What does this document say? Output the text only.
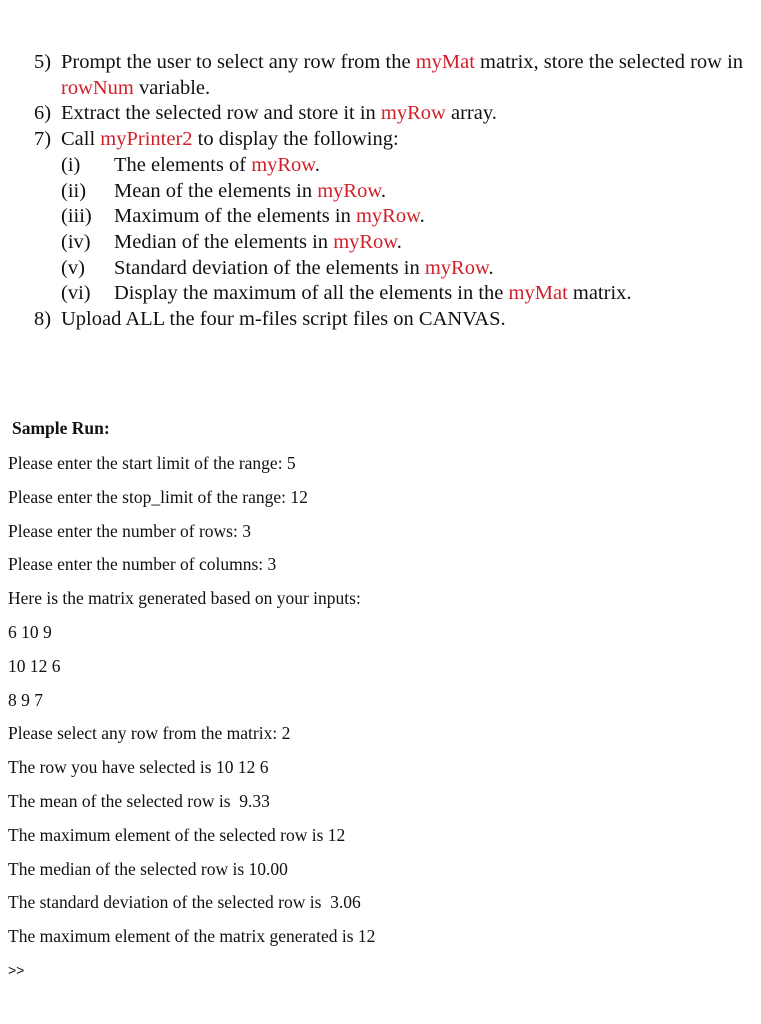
5) Prompt the user to select any row from the myMat matrix, store the selected row in rowNum variable.
6) Extract the selected row and store it in myRow array.
7) Call myPrinter2 to display the following:
(i)	The elements of myRow.
(ii)	Mean of the elements in myRow.
(iii)	Maximum of the elements in myRow.
(iv)	Median of the elements in myRow.
(v)	Standard deviation of the elements in myRow.
(vi)	Display the maximum of all the elements in the myMat matrix.
8) Upload ALL the four m-files script files on CANVAS.
Sample Run:
Please enter the start limit of the range: 5
Please enter the stop_limit of the range: 12
Please enter the number of rows: 3
Please enter the number of columns: 3
Here is the matrix generated based on your inputs:
6 10 9
10 12 6
8 9 7
Please select any row from the matrix: 2
The row you have selected is 10 12 6
The mean of the selected row is  9.33
The maximum element of the selected row is 12
The median of the selected row is 10.00
The standard deviation of the selected row is  3.06
The maximum element of the matrix generated is 12
>>
